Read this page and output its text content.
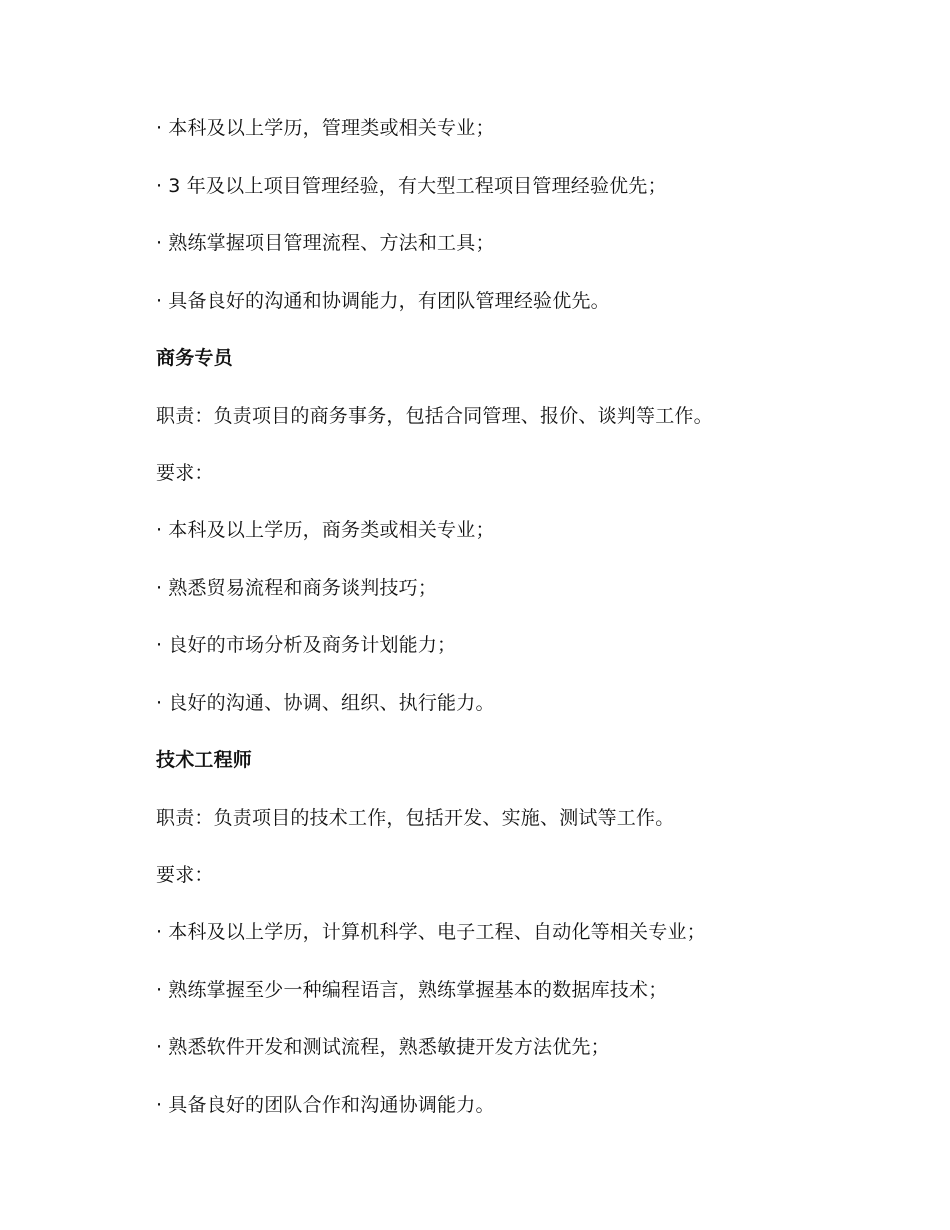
· 本科及以上学历，管理类或相关专业；
· 3 年及以上项目管理经验，有大型工程项目管理经验优先；
· 熟练掌握项目管理流程、方法和工具；
· 具备良好的沟通和协调能力，有团队管理经验优先。
商务专员
职责：负责项目的商务事务，包括合同管理、报价、谈判等工作。
要求：
· 本科及以上学历，商务类或相关专业；
· 熟悉贸易流程和商务谈判技巧；
· 良好的市场分析及商务计划能力；
· 良好的沟通、协调、组织、执行能力。
技术工程师
职责：负责项目的技术工作，包括开发、实施、测试等工作。
要求：
· 本科及以上学历，计算机科学、电子工程、自动化等相关专业；
· 熟练掌握至少一种编程语言，熟练掌握基本的数据库技术；
· 熟悉软件开发和测试流程，熟悉敏捷开发方法优先；
· 具备良好的团队合作和沟通协调能力。
